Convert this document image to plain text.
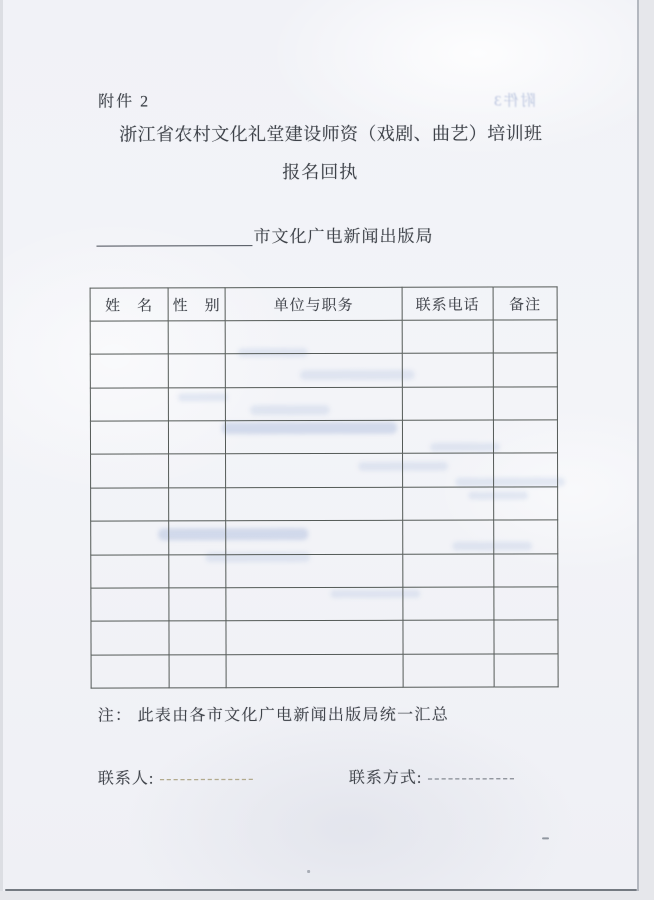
附件3
附件 2
浙江省农村文化礼堂建设师资（戏剧、曲艺）培训班
报名回执
市文化广电新闻出版局
姓　名	性　别	单位与职务	联系电话	备注

注： 此表由各市文化广电新闻出版局统一汇总
联系人: --------------	联系方式: -------------
